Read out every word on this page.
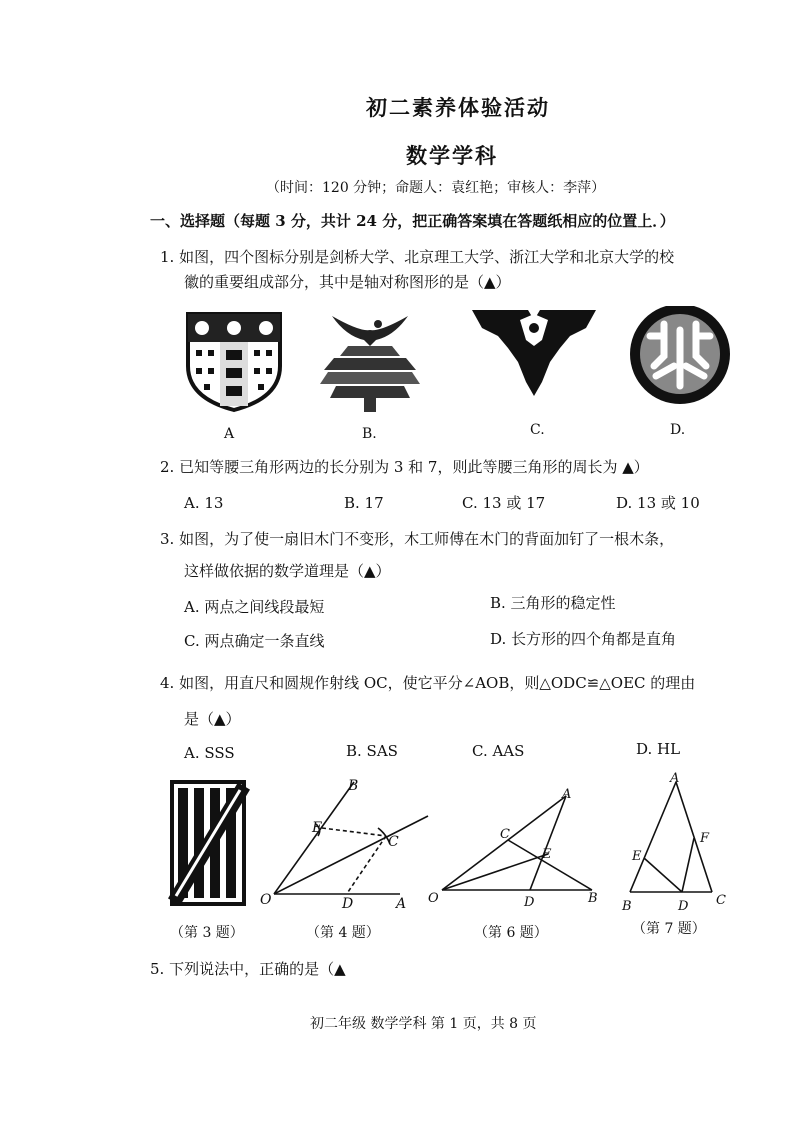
初二素养体验活动
数学学科
（时间：120 分钟；命题人：袁红艳；审核人：李萍）
一、选择题（每题 3 分，共计 24 分，把正确答案填在答题纸相应的位置上．）
1. 如图，四个图标分别是剑桥大学、北京理工大学、浙江大学和北京大学的校
徽的重要组成部分，其中是轴对称图形的是（▲）
A	B.	C.	D.
2. 已知等腰三角形两边的长分别为 3 和 7，则此等腰三角形的周长为 ▲）
A. 13	B. 17	C. 13 或 17	D. 13 或 10
3. 如图，为了使一扇旧木门不变形，木工师傅在木门的背面加钉了一根木条，
这样做依据的数学道理是（▲）
A. 两点之间线段最短	B. 三角形的稳定性
C. 两点确定一条直线	D. 长方形的四个角都是直角
4. 如图，用直尺和圆规作射线 OC，使它平分∠AOB，则△ODC≌△OEC 的理由
是（▲）
A. SSS	B. SAS	C. AAS	D. HL
O	A
B
C
D
E
O	B
A
C
D
E
A
B	C
D
E
F
（第 3 题）	（第 4 题）	（第 6 题）	（第 7 题）
5. 下列说法中，正确的是（▲
初二年级 数学学科 第 1 页，共 8 页
